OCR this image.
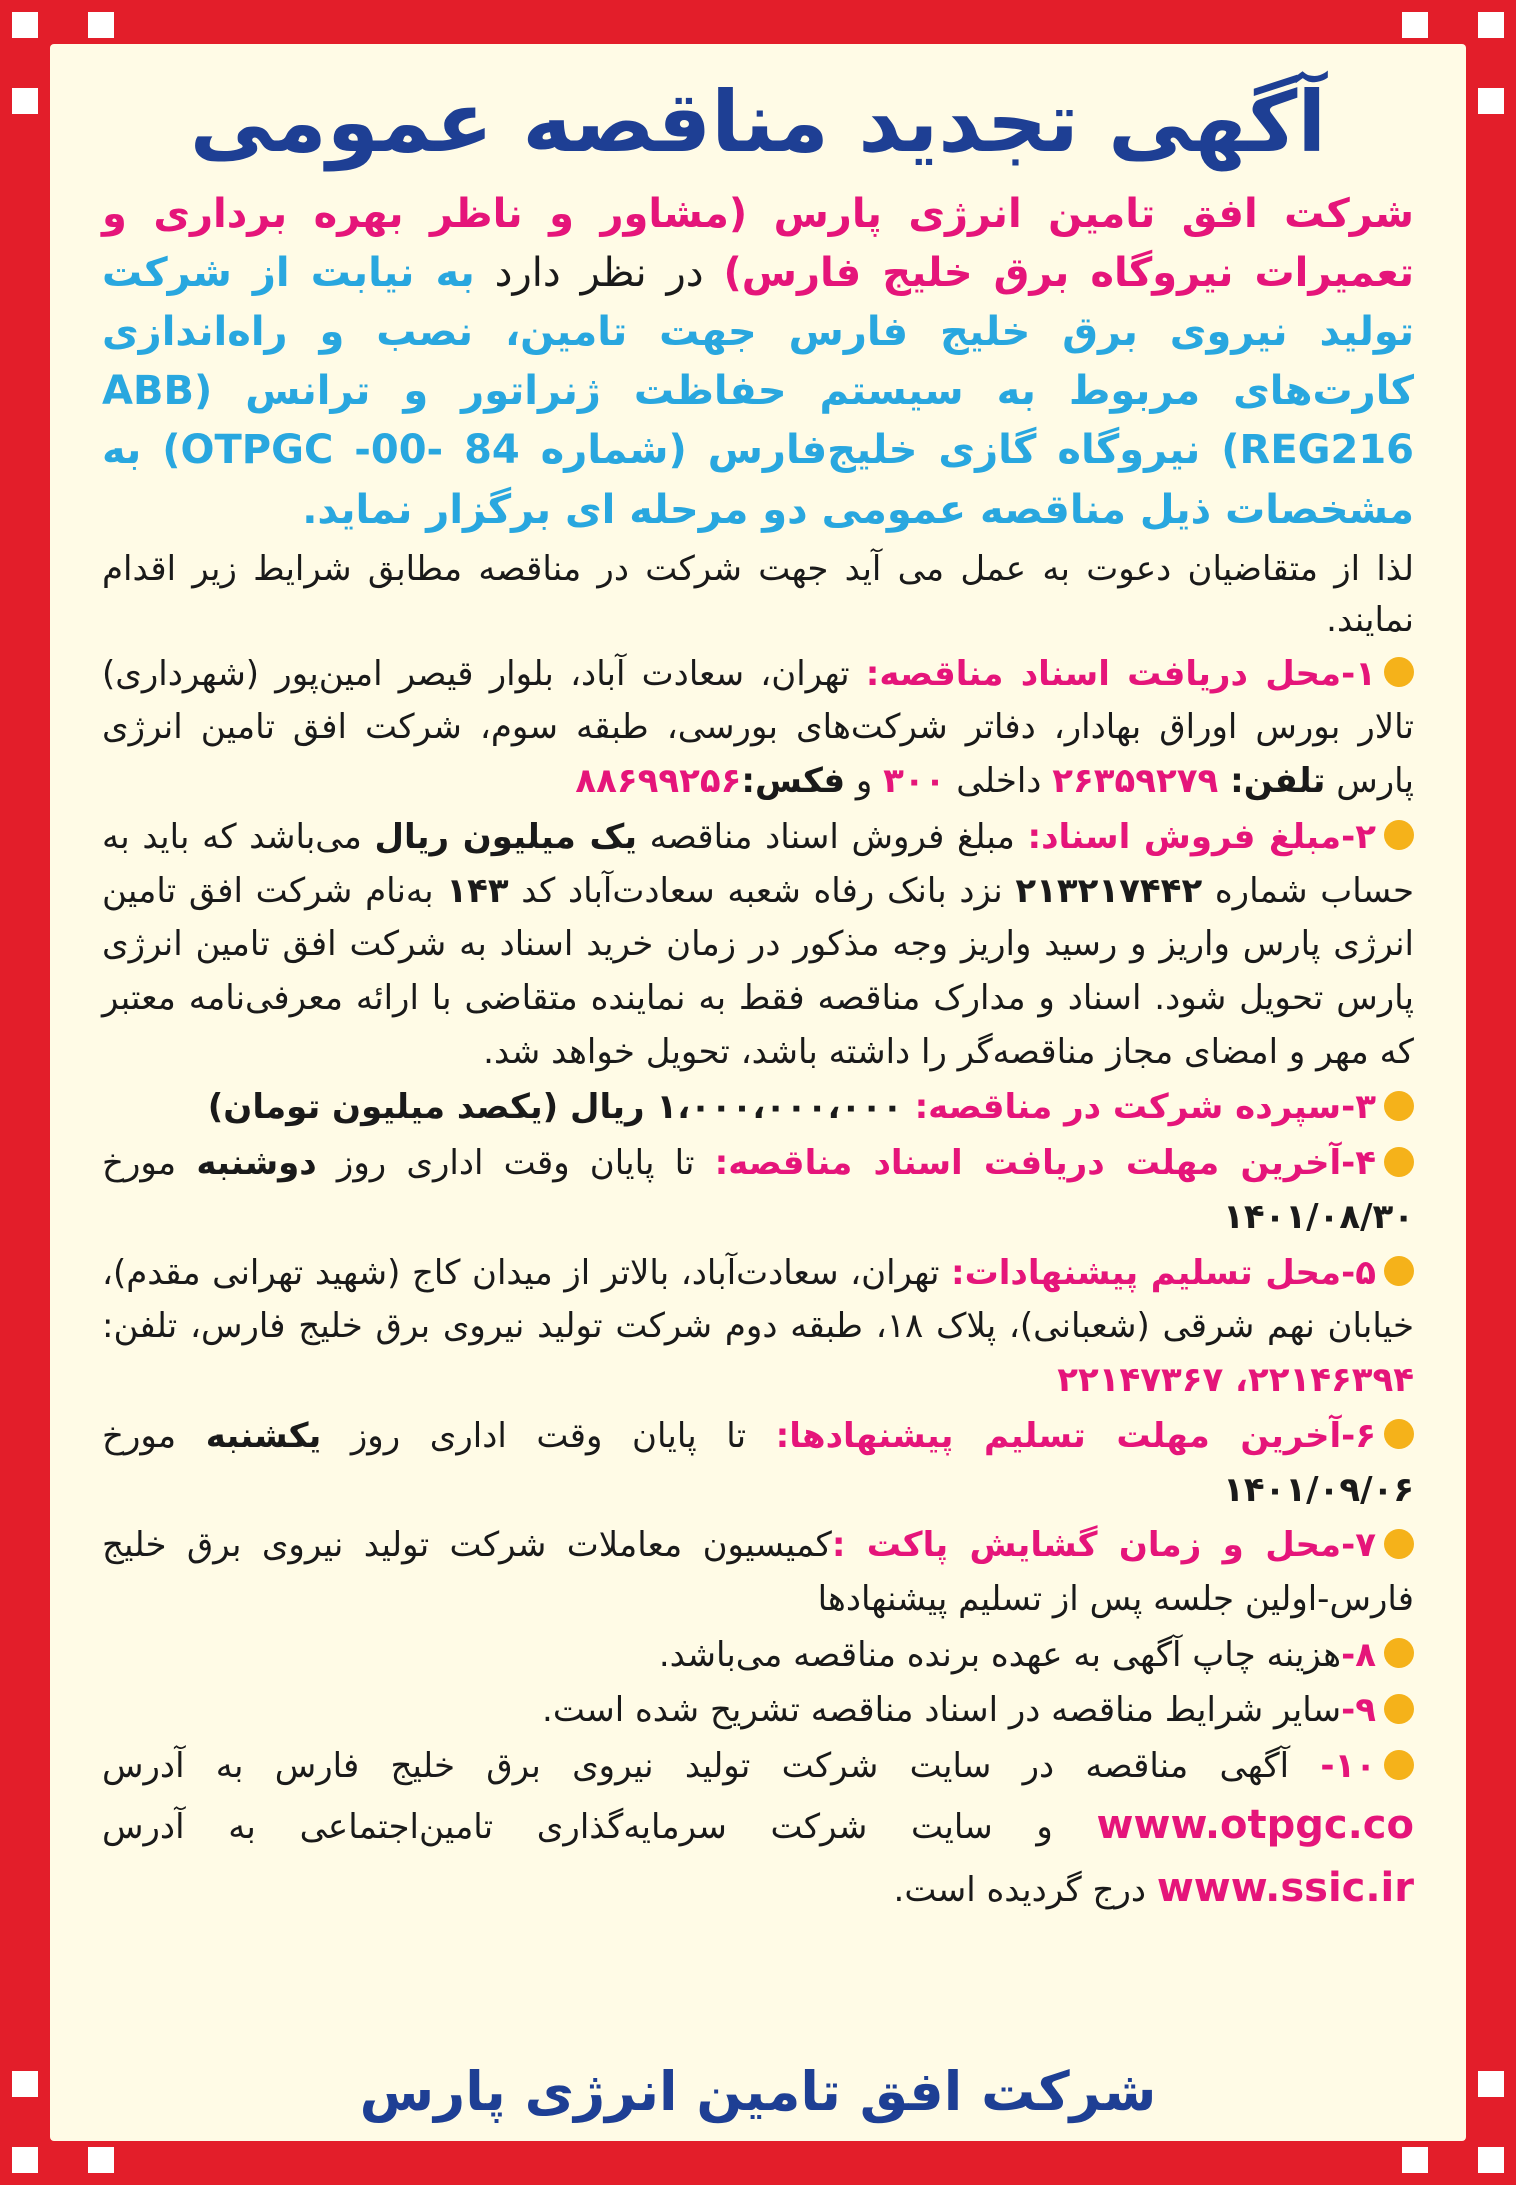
آگهی تجدید مناقصه عمومی
شرکت افق تامین انرژی پارس (مشاور و ناظر بهره برداری و تعمیرات نیروگاه برق خلیج فارس) در نظر دارد به نیابت از شرکت تولید نیروی برق خلیج فارس جهت تامین، نصب و راه‌اندازی کارت‌های مربوط به سیستم حفاظت ژنراتور و ترانس (ABB REG216) نیروگاه گازی خلیج‌فارس (شماره OTPGC -00- 84) به مشخصات ذیل مناقصه عمومی دو مرحله ای برگزار نماید.
لذا از متقاضیان دعوت به عمل می آید جهت شرکت در مناقصه مطابق شرایط زیر اقدام نمایند.
۱-محل دریافت اسناد مناقصه: تهران، سعادت آباد، بلوار قیصر امین‌پور (شهرداری) تالار بورس اوراق بهادار، دفاتر شرکت‌های بورسی، طبقه سوم، شرکت افق تامین انرژی پارس تلفن: ۲۶۳۵۹۲۷۹ داخلی ۳۰۰ و فکس:۸۸۶۹۹۲۵۶
۲-مبلغ فروش اسناد: مبلغ فروش اسناد مناقصه یک میلیون ریال می‌باشد که باید به حساب شماره ۲۱۳۲۱۷۴۴۲ نزد بانک رفاه شعبه سعادت‌آباد کد ۱۴۳ به‌نام شرکت افق تامین انرژی پارس واریز و رسید واریز وجه مذکور در زمان خرید اسناد به شرکت افق تامین انرژی پارس تحویل شود. اسناد و مدارک مناقصه فقط به نماینده متقاضی با ارائه معرفی‌نامه معتبر که مهر و امضای مجاز مناقصه‌گر را داشته باشد، تحویل خواهد شد.
۳-سپرده شرکت در مناقصه: ۱،۰۰۰،۰۰۰،۰۰۰ ریال (یکصد میلیون تومان)
۴-آخرین مهلت دریافت اسناد مناقصه: تا پایان وقت اداری روز دوشنبه مورخ ۱۴۰۱/۰۸/۳۰
۵-محل تسلیم پیشنهادات: تهران، سعادت‌آباد، بالاتر از میدان کاج (شهید تهرانی مقدم)، خیابان نهم شرقی (شعبانی)، پلاک ۱۸، طبقه دوم شرکت تولید نیروی برق خلیج فارس، تلفن: ۲۲۱۴۶۳۹۴، ۲۲۱۴۷۳۶۷
۶-آخرین مهلت تسلیم پیشنهادها: تا پایان وقت اداری روز یکشنبه مورخ ۱۴۰۱/۰۹/۰۶
۷-محل و زمان گشایش پاکت :کمیسیون معاملات شرکت تولید نیروی برق خلیج فارس-اولین جلسه پس از تسلیم پیشنهادها
۸-هزینه چاپ آگهی به عهده برنده مناقصه می‌باشد.
۹-سایر شرایط مناقصه در اسناد مناقصه تشریح شده است.
۱۰- آگهی مناقصه در سایت شرکت تولید نیروی برق خلیج فارس به آدرس www.otpgc.co و سایت شرکت سرمایه‌گذاری تامین‌اجتماعی به آدرس www.ssic.ir درج گردیده است.
شرکت افق تامین انرژی پارس
